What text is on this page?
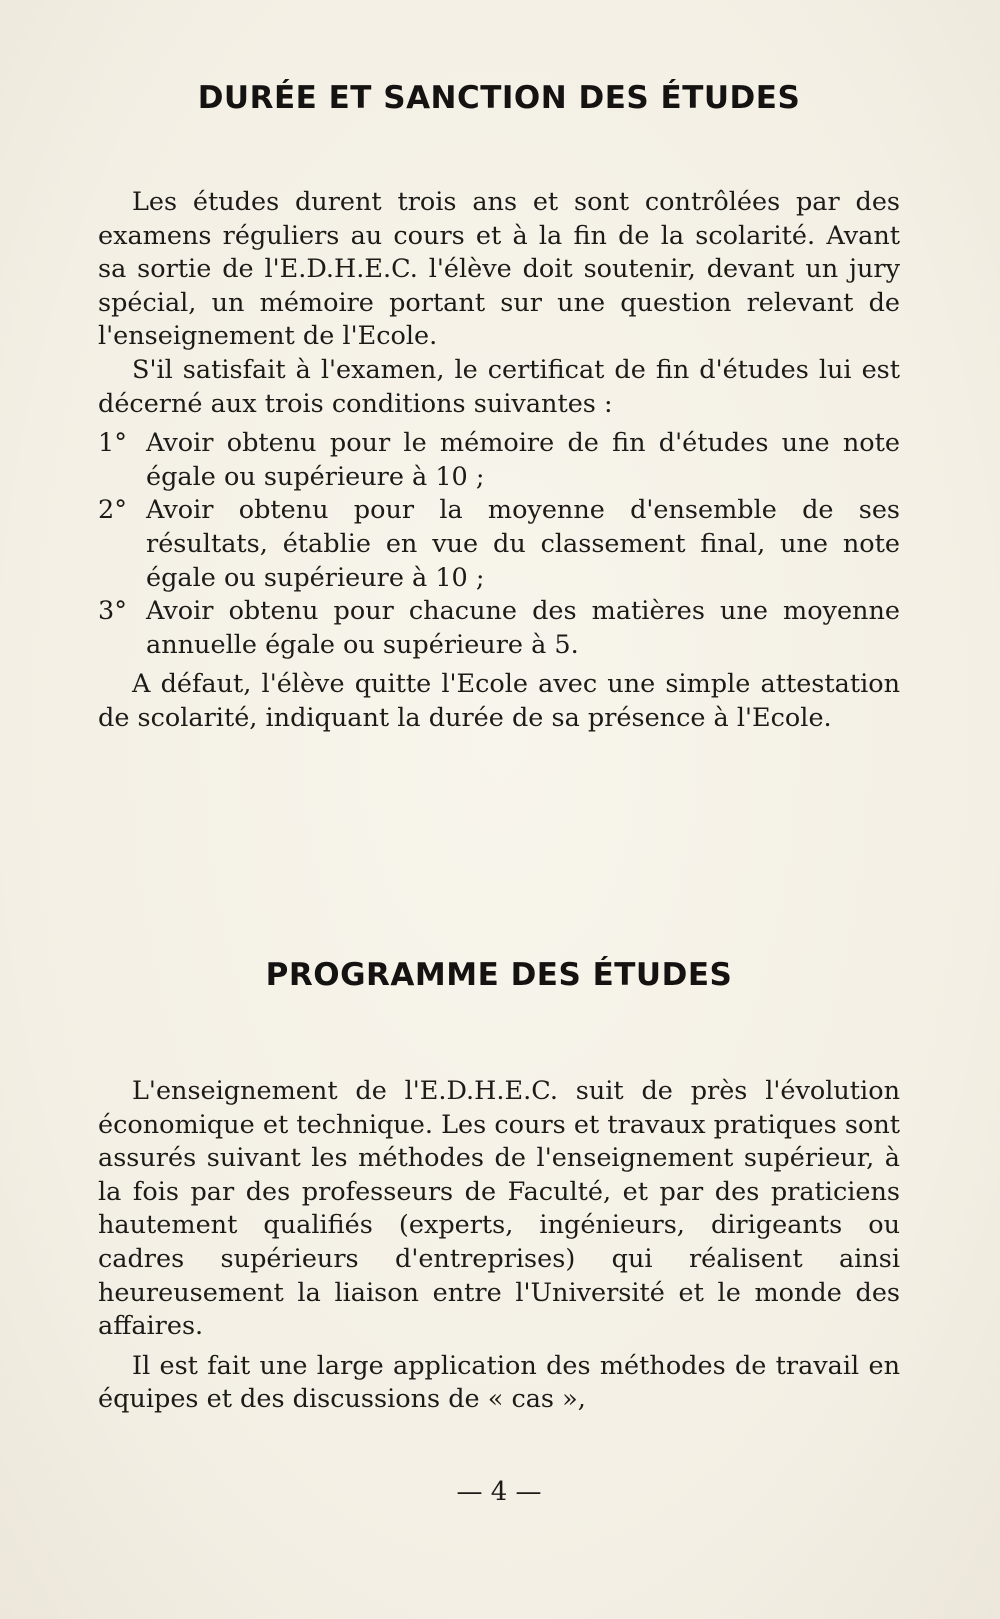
DURÉE ET SANCTION DES ÉTUDES

Les études durent trois ans et sont contrôlées par des examens réguliers au cours et à la fin de la scolarité. Avant sa sortie de l'E.D.H.E.C. l'élève doit soutenir, devant un jury spécial, un mémoire portant sur une question relevant de l'enseignement de l'Ecole.

S'il satisfait à l'examen, le certificat de fin d'études lui est décerné aux trois conditions suivantes :

1° Avoir obtenu pour le mémoire de fin d'études une note égale ou supérieure à 10 ;
2° Avoir obtenu pour la moyenne d'ensemble de ses résultats, établie en vue du classement final, une note égale ou supérieure à 10 ;
3° Avoir obtenu pour chacune des matières une moyenne annuelle égale ou supérieure à 5.

A défaut, l'élève quitte l'Ecole avec une simple attestation de scolarité, indiquant la durée de sa présence à l'Ecole.

PROGRAMME DES ÉTUDES

L'enseignement de l'E.D.H.E.C. suit de près l'évolution économique et technique. Les cours et travaux pratiques sont assurés suivant les méthodes de l'enseignement supérieur, à la fois par des professeurs de Faculté, et par des praticiens hautement qualifiés (experts, ingénieurs, dirigeants ou cadres supérieurs d'entreprises) qui réalisent ainsi heureusement la liaison entre l'Université et le monde des affaires.

Il est fait une large application des méthodes de travail en équipes et des discussions de « cas »,

— 4 —
